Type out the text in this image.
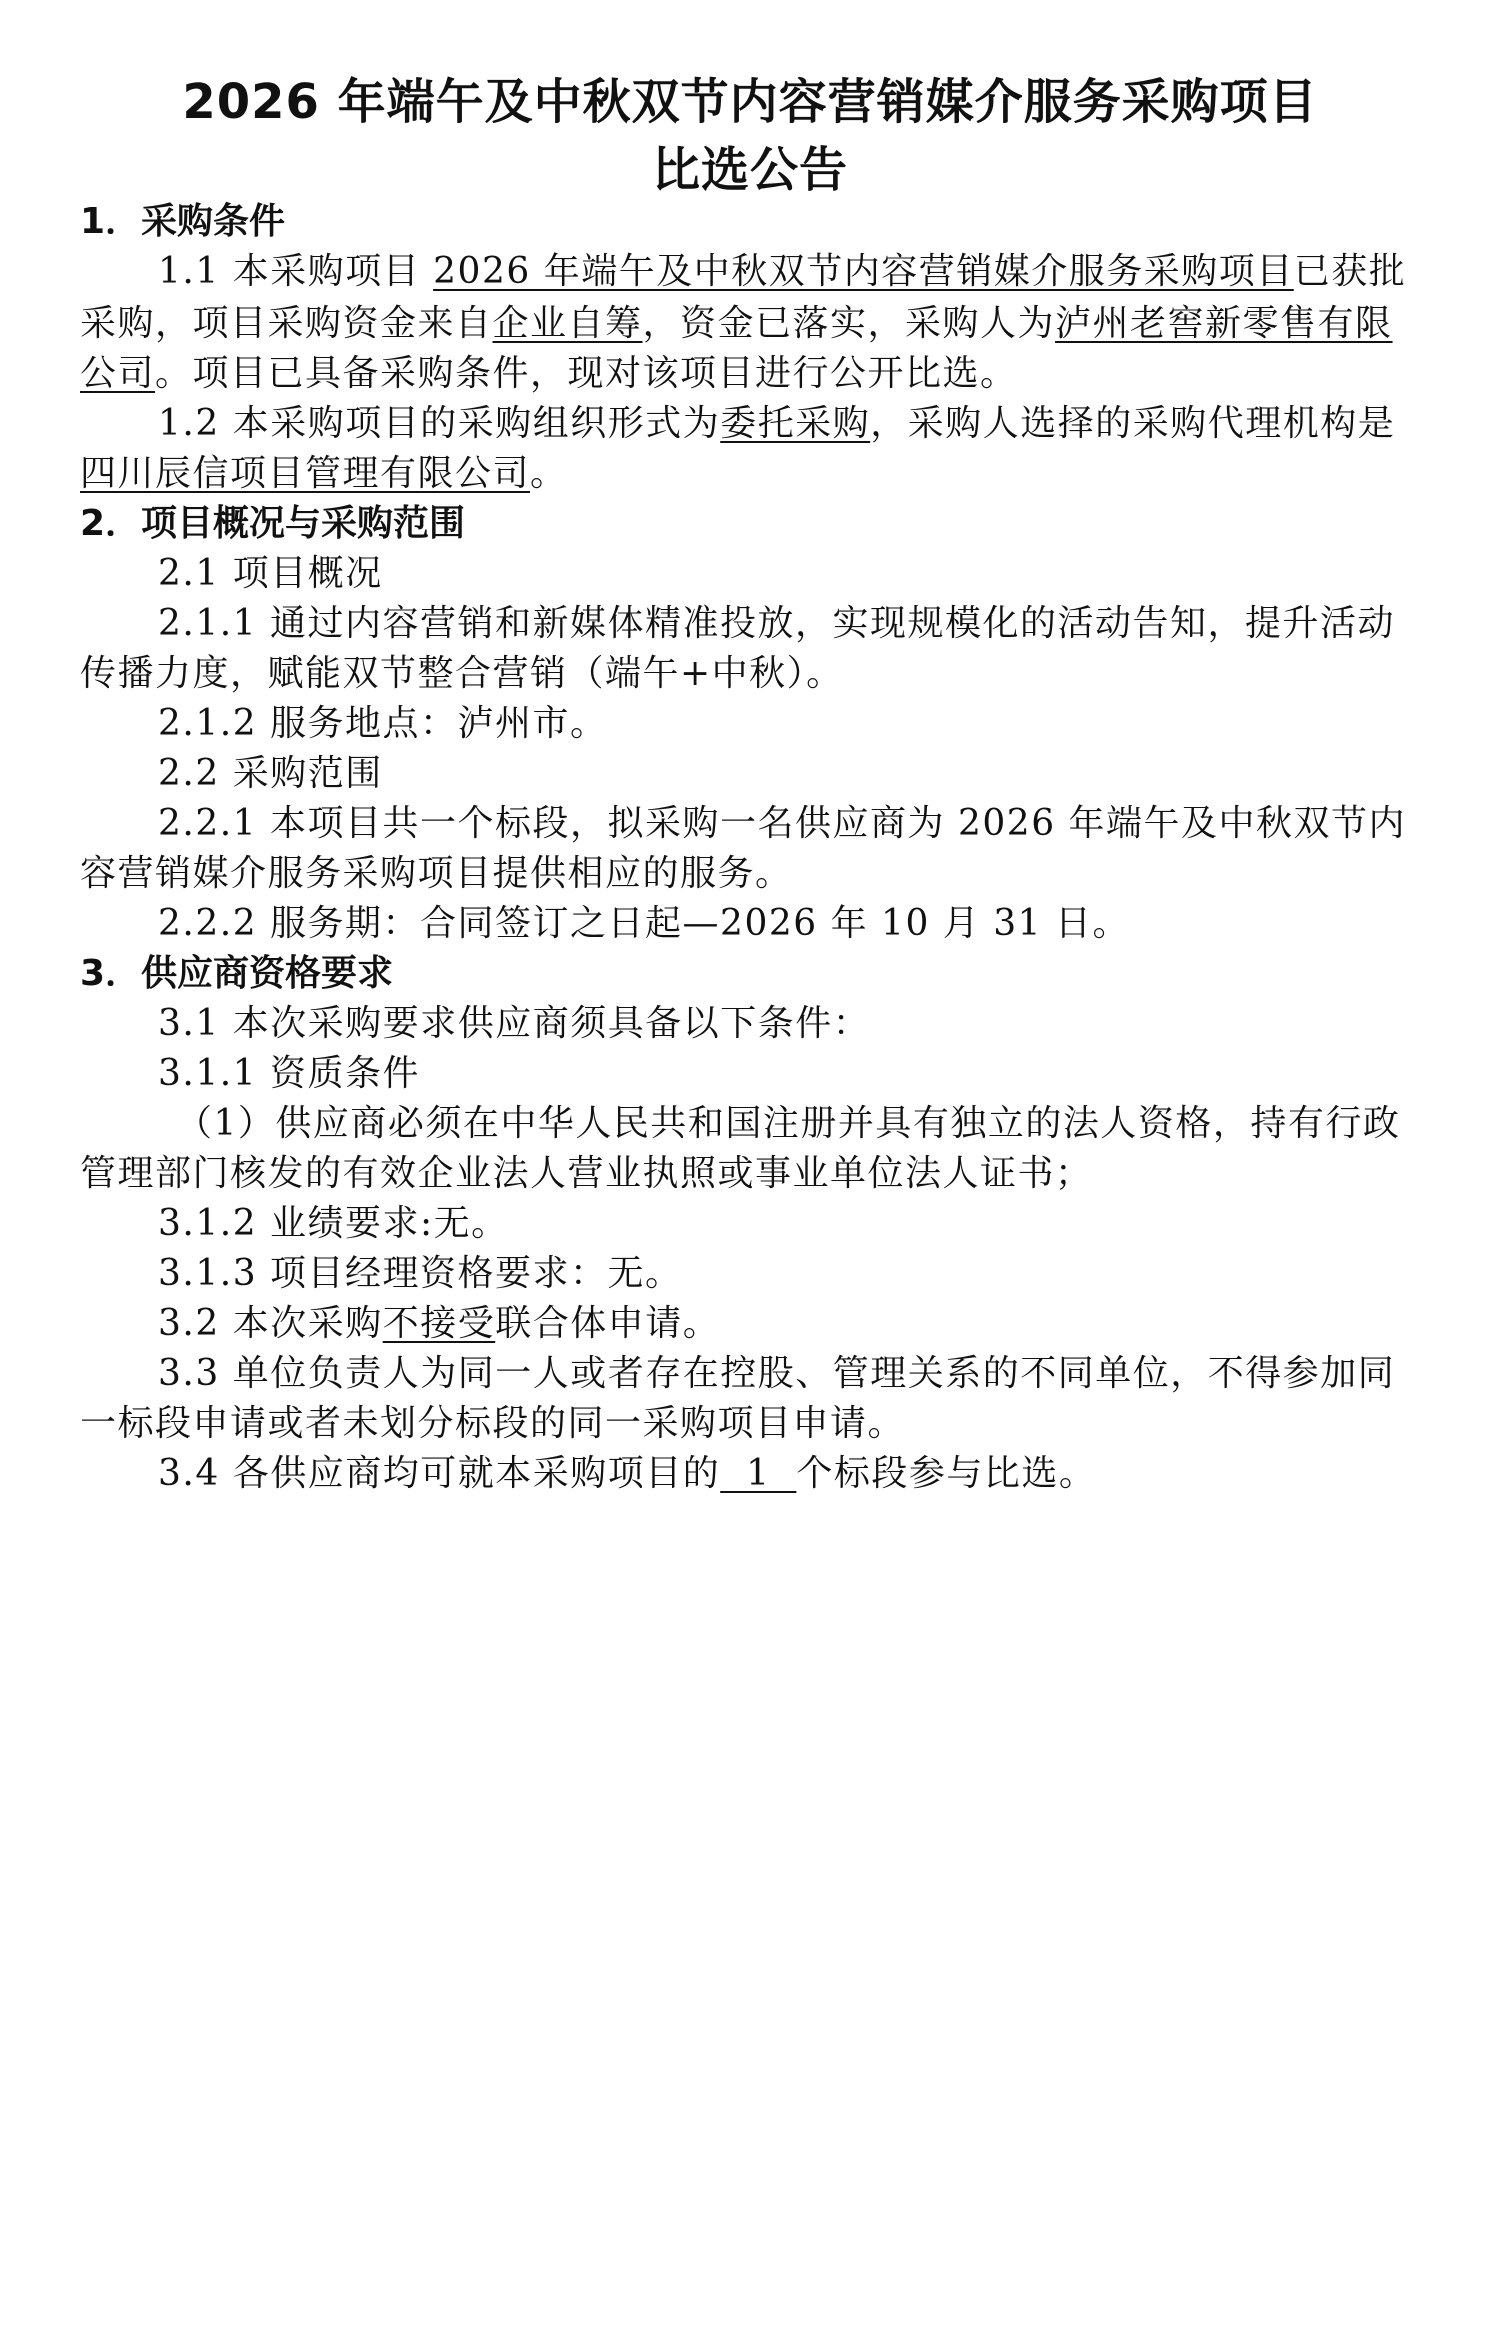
2026 年端午及中秋双节内容营销媒介服务采购项目
比选公告
1．采购条件
1.1 本采购项目 2026 年端午及中秋双节内容营销媒介服务采购项目已获批
采购，项目采购资金来自企业自筹，资金已落实，采购人为泸州老窖新零售有限
公司。项目已具备采购条件，现对该项目进行公开比选。
1.2 本采购项目的采购组织形式为委托采购，采购人选择的采购代理机构是
四川辰信项目管理有限公司。
2．项目概况与采购范围
2.1 项目概况
2.1.1 通过内容营销和新媒体精准投放，实现规模化的活动告知，提升活动
传播力度，赋能双节整合营销（端午+中秋）。
2.1.2 服务地点：泸州市。
2.2 采购范围
2.2.1 本项目共一个标段，拟采购一名供应商为 2026 年端午及中秋双节内
容营销媒介服务采购项目提供相应的服务。
2.2.2 服务期：合同签订之日起—2026 年 10 月 31 日。
3．供应商资格要求
3.1 本次采购要求供应商须具备以下条件：
3.1.1 资质条件
（1）供应商必须在中华人民共和国注册并具有独立的法人资格，持有行政
管理部门核发的有效企业法人营业执照或事业单位法人证书；
3.1.2 业绩要求:无。
3.1.3 项目经理资格要求：无。
3.2 本次采购不接受联合体申请。
3.3 单位负责人为同一人或者存在控股、管理关系的不同单位，不得参加同
一标段申请或者未划分标段的同一采购项目申请。
3.4 各供应商均可就本采购项目的  1  个标段参与比选。
